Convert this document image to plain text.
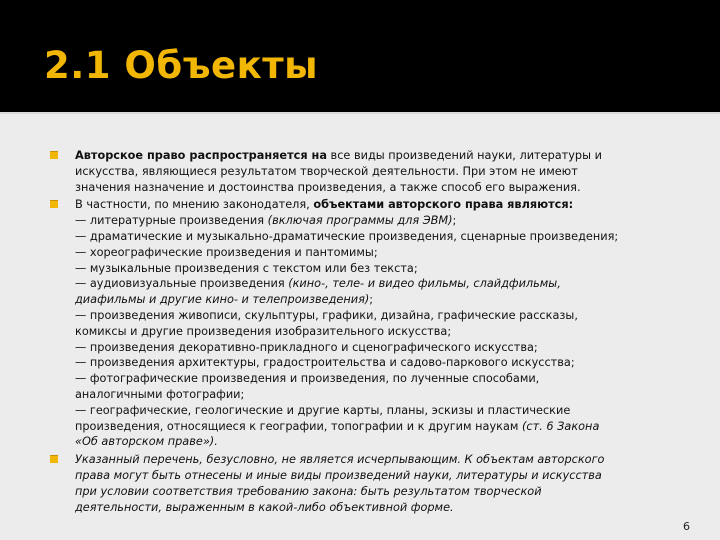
2.1 Объекты
Авторское право распространяется на все виды произведений науки, литературы и
искусства, являющиеся результатом творческой деятельности. При этом не имеют
значения назначение и достоинства произведения, а также способ его выражения.
В частности, по мнению законодателя, объектами авторского права являются:
— литературные произведения (включая программы для ЭВМ);
— драматические и музыкально-драматические произведения, сценарные произведения;
— хореографические произведения и пантомимы;
— музыкальные произведения с текстом или без текста;
— аудиовизуальные произведения (кино-, теле- и видео фильмы, слайдфильмы,
диафильмы и другие кино- и телепроизведения);
— произведения живописи, скульптуры, графики, дизайна, графические рассказы,
комиксы и другие произведения изобразительного искусства;
— произведения декоративно-прикладного и сценографического искусства;
— произведения архитектуры, градостроительства и садово-паркового искусства;
— фотографические произведения и произведения, по лученные способами,
аналогичными фотографии;
— географические, геологические и другие карты, планы, эскизы и пластические
произведения, относящиеся к географии, топографии и к другим наукам (ст. 6 Закона
«Об авторском праве»).
Указанный перечень, безусловно, не является исчерпывающим. К объектам авторского
права могут быть отнесены и иные виды произведений науки, литературы и искусства
при условии соответствия требованию закона: быть результатом творческой
деятельности, выраженным в какой-либо объективной форме.
6
